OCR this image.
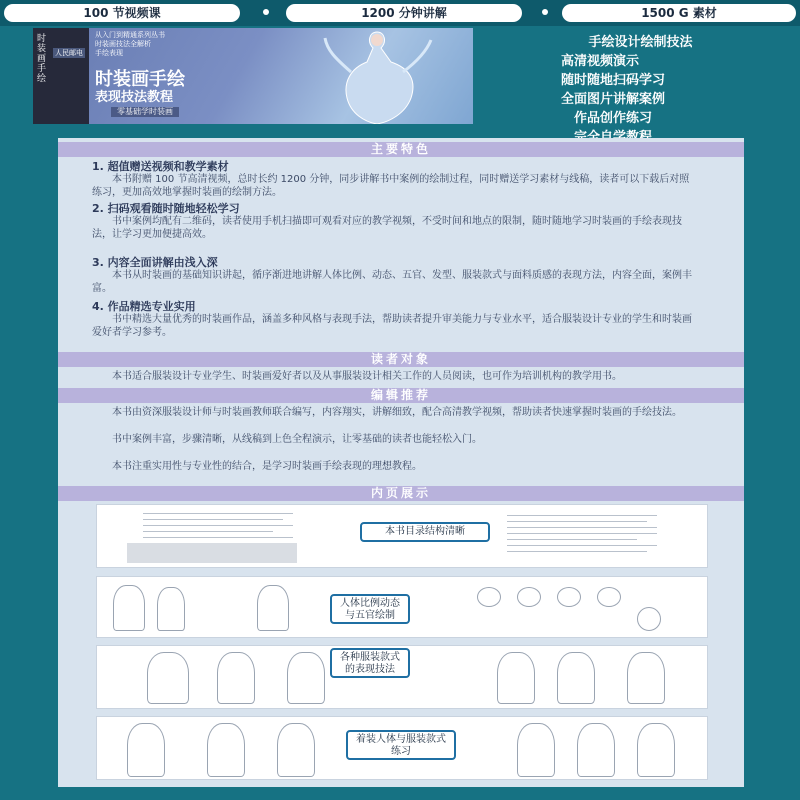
100 节视频课	1200 分钟讲解	1500 G 素材
时装画手绘
人民邮电
从入门到精通系列丛书
时装画技法全解析
手绘表现
时装画手绘
表现技法教程
零基础学时装画
手绘设计绘制技法
高清视频演示
随时随地扫码学习
全面图片讲解案例
作品创作练习
主要特色
1. 超值赠送视频和教学素材
本书附赠 100 节高清视频，总时长约 1200 分钟，同步讲解书中案例的绘制过程，同时赠送学习素材与线稿，读者可以下载后对照练习，更加高效地掌握时装画的绘制方法。
2. 扫码观看随时随地轻松学习
书中案例均配有二维码，读者使用手机扫描即可观看对应的教学视频，不受时间和地点的限制，随时随地学习时装画的手绘表现技法，让学习更加便捷高效。
3. 内容全面讲解由浅入深
本书从时装画的基础知识讲起，循序渐进地讲解人体比例、动态、五官、发型、服装款式与面料质感的表现方法，内容全面，案例丰富。
4. 作品精选专业实用
书中精选大量优秀的时装画作品，涵盖多种风格与表现手法，帮助读者提升审美能力与专业水平，适合服装设计专业的学生和时装画爱好者学习参考。
读者对象
本书适合服装设计专业学生、时装画爱好者以及从事服装设计相关工作的人员阅读，也可作为培训机构的教学用书。
编辑推荐
本书由资深服装设计师与时装画教师联合编写，内容翔实，讲解细致，配合高清教学视频，帮助读者快速掌握时装画的手绘技法。
书中案例丰富，步骤清晰，从线稿到上色全程演示，让零基础的读者也能轻松入门。
本书注重实用性与专业性的结合，是学习时装画手绘表现的理想教程。
内页展示
本书目录结构清晰
人体比例动态与五官绘制
各种服装款式的表现技法
着装人体与服装款式练习
